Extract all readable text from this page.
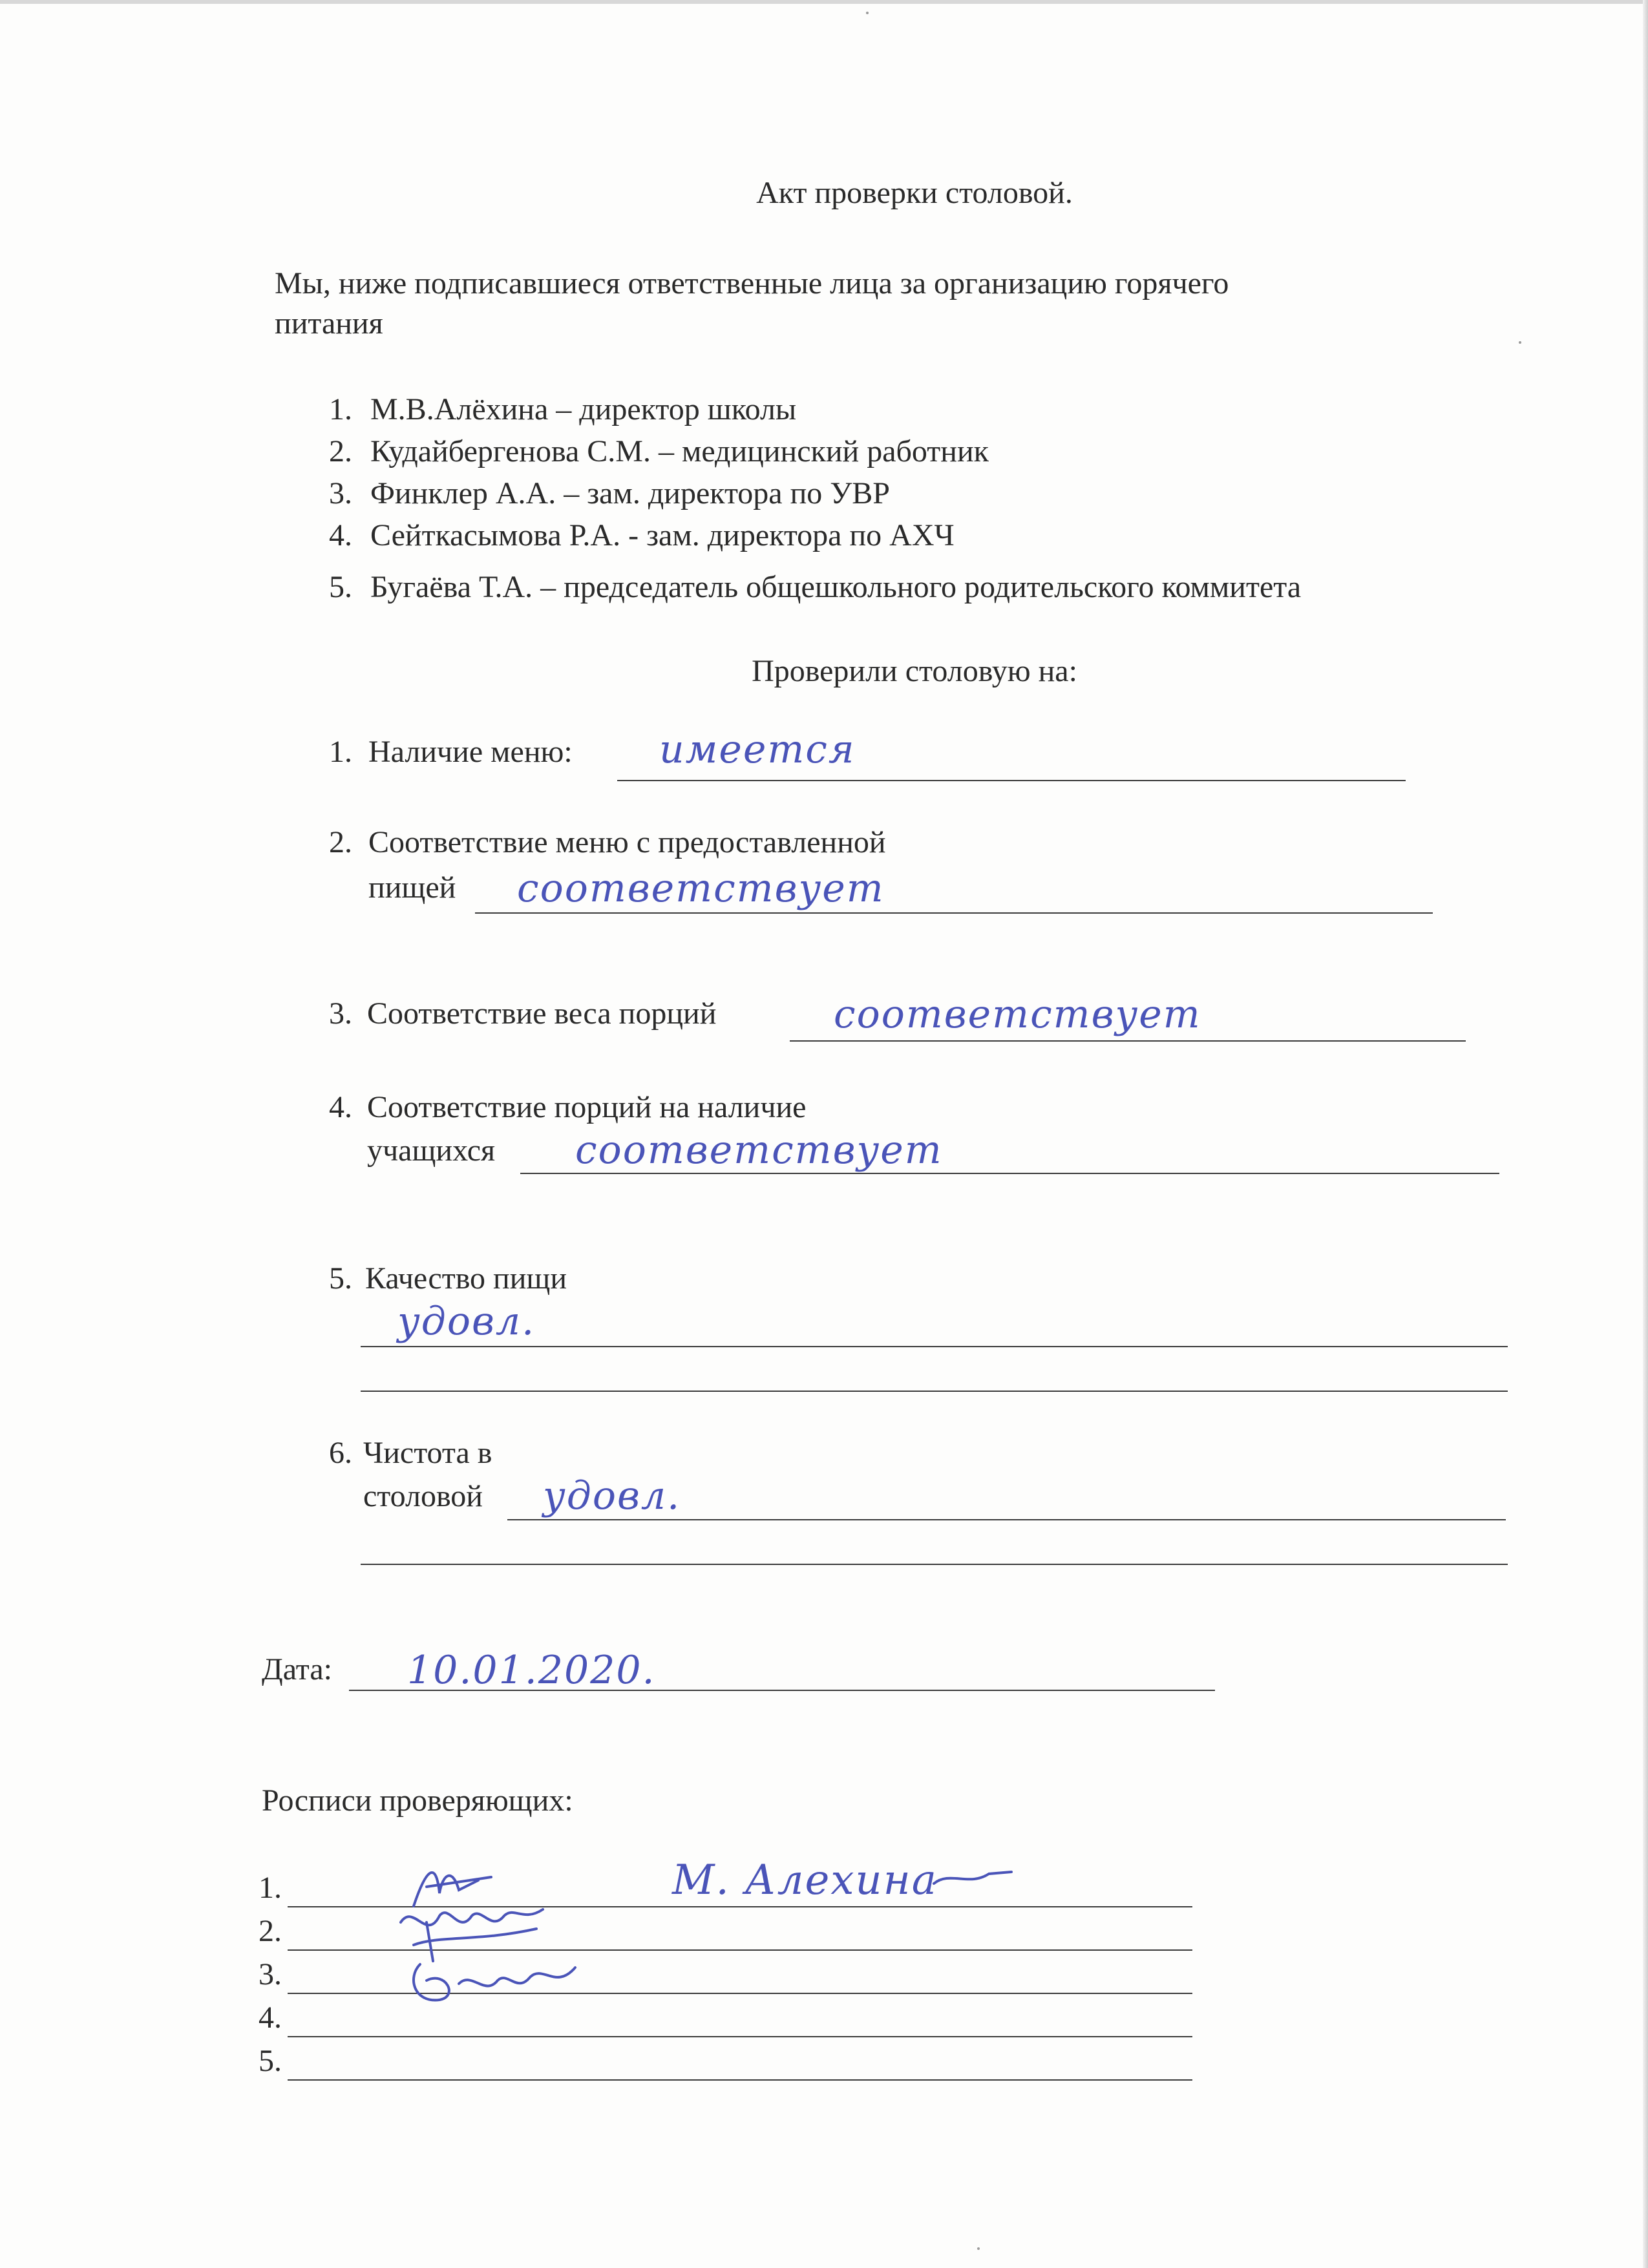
Акт проверки столовой.
Мы, ниже подписавшиеся ответственные лица за организацию горячего
питания
1. М.В.Алёхина – директор школы
2. Кудайбергенова С.М. – медицинский работник
3. Финклер А.А. – зам. директора по УВР
4. Сейткасымова Р.А. - зам. директора по АХЧ
5. Бугаёва Т.А. – председатель общешкольного родительского коммитета
Проверили столовую на:
1. Наличие меню: имеется
2. Соответствие меню с предоставленной
пищей соответствует
3. Соответствие веса порций	соответствует
4. Соответствие порций на наличие
учащихся соответствует
5. Качество пищи
удовл.
6. Чистота в
столовой удовл.
Дата: 10.01.2020.
Росписи проверяющих:
1.
2.
3.
4.
5.
М. Алехина
